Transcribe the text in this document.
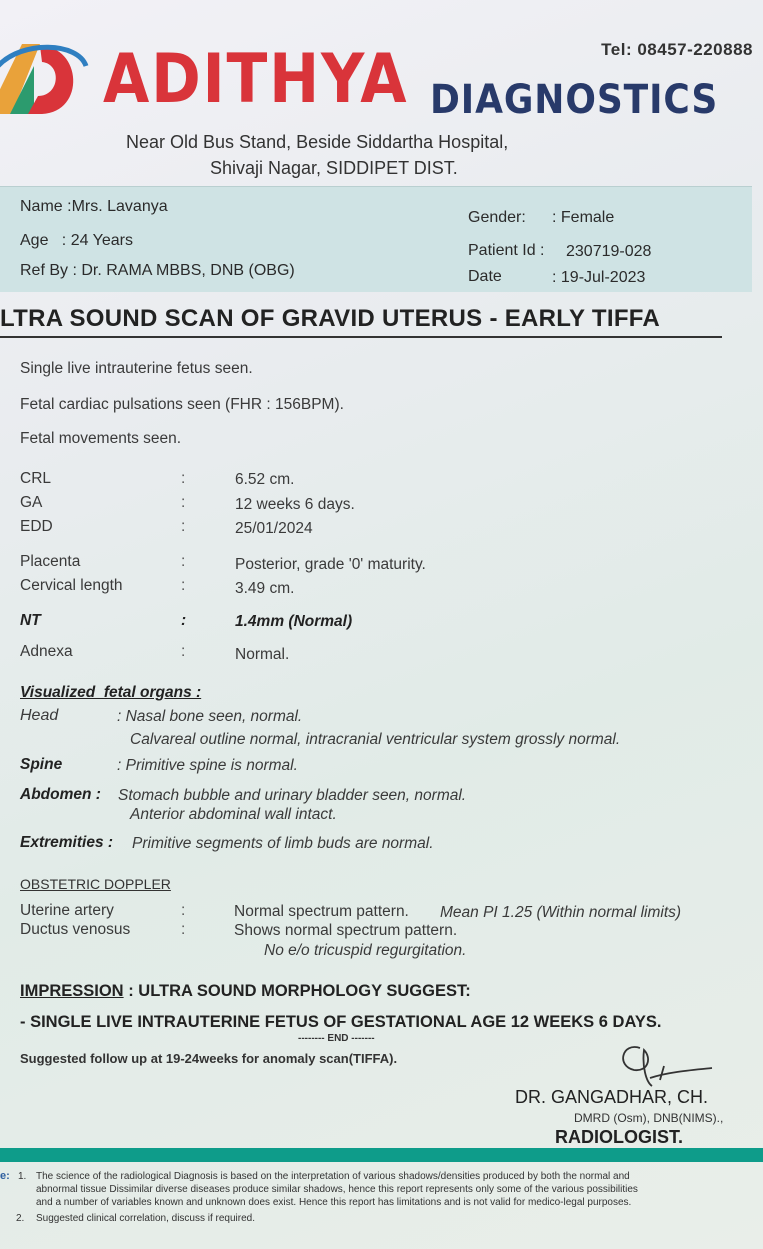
ADITHYA DIAGNOSTICS
Tel: 08457-220888
Near Old Bus Stand, Beside Siddartha Hospital,
Shivaji Nagar, SIDDIPET DIST.
Name :Mrs. Lavanya
Age   : 24 Years
Ref By : Dr. RAMA MBBS, DNB (OBG)
Gender: : Female
Patient Id : 230719-028
Date	: 19-Jul-2023
LTRA SOUND SCAN OF GRAVID UTERUS - EARLY TIFFA
Single live intrauterine fetus seen.
Fetal cardiac pulsations seen (FHR : 156BPM).
Fetal movements seen.
CRL	:	6.52 cm.
GA	:	12 weeks 6 days.
EDD	:	25/01/2024
Placenta	:	Posterior, grade '0' maturity.
Cervical length	:	3.49 cm.
NT	:	1.4mm (Normal)
Adnexa	:	Normal.
Visualized  fetal organs :
Head	: Nasal bone seen, normal.
Calvareal outline normal, intracranial ventricular system grossly normal.
Spine	: Primitive spine is normal.
Abdomen : Stomach bubble and urinary bladder seen, normal.
Anterior abdominal wall intact.
Extremities : Primitive segments of limb buds are normal.
OBSTETRIC DOPPLER
Uterine artery	:	Normal spectrum pattern. Mean PI 1.25 (Within normal limits)
Ductus venosus	:	Shows normal spectrum pattern.
No e/o tricuspid regurgitation.
IMPRESSION : ULTRA SOUND MORPHOLOGY SUGGEST:
- SINGLE LIVE INTRAUTERINE FETUS OF GESTATIONAL AGE 12 WEEKS 6 DAYS.
-------- END -------
Suggested follow up at 19-24weeks for anomaly scan(TIFFA).
DR. GANGADHAR, CH.
DMRD (Osm), DNB(NIMS).,
RADIOLOGIST.
e: 1. The science of the radiological Diagnosis is based on the interpretation of various shadows/densities produced by both the normal and
abnormal tissue Dissimilar diverse diseases produce similar shadows, hence this report represents only some of the various possibilities
and a number of variables known and unknown does exist. Hence this report has limitations and is not valid for medico-legal purposes.
2. Suggested clinical correlation, discuss if required.
